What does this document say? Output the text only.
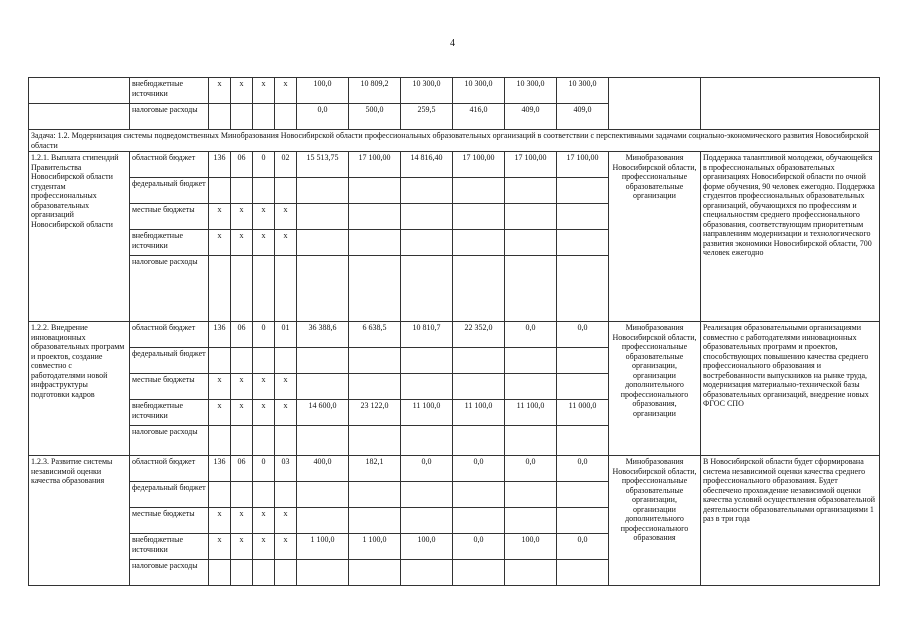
4
	внебюджетные источники	х	х	х	х	100,0	10 809,2	10 300,0	10 300,0	10 300,0	10 300,0		
	налоговые расходы					0,0	500,0	259,5	416,0	409,0	409,0		
Задача: 1.2. Модернизация системы подведомственных Минобразования Новосибирской области профессиональных образовательных организаций в соответствии с перспективными задачами социально-экономического развития Новосибирской области													
1.2.1. Выплата стипендий Правительства Новосибирской области студентам профессиональных образовательных организаций Новосибирской области	областной бюджет	136	06	0	02	15 513,75	17 100,00	14 816,40	17 100,00	17 100,00	17 100,00	Минобразования Новосибирской области, профессиональные образовательные организации	Поддержка талантливой молодежи, обучающейся в профессиональных образовательных организациях Новосибирской области по очной форме обучения, 90 человек ежегодно. Поддержка студентов профессиональных образовательных организаций, обучающихся по профессиям и специальностям среднего профессионального образования, соответствующим приоритетным направлениям модернизации и технологического развития экономики Новосибирской области, 700 человек ежегодно
	федеральный бюджет												
	местные бюджеты	х	х	х	х								
	внебюджетные источники	х	х	х	х								
	налоговые расходы												
1.2.2. Внедрение инновационных образовательных программ и проектов, создание совместно с работодателями новой инфраструктуры подготовки кадров	областной бюджет	136	06	0	01	36 388,6	6 638,5	10 810,7	22 352,0	0,0	0,0	Минобразования Новосибирской области, профессиональные образовательные организации, организации дополнительного профессионального образования, организации	Реализация образовательными организациями совместно с работодателями инновационных образовательных программ и проектов, способствующих повышению качества среднего профессионального образования и востребованности выпускников на рынке труда, модернизация материально-технической базы образовательных организаций, внедрение новых ФГОС СПО
	федеральный бюджет												
	местные бюджеты	х	х	х	х								
	внебюджетные источники	х	х	х	х	14 600,0	23 122,0	11 100,0	11 100,0	11 100,0	11 000,0		
	налоговые расходы												
1.2.3. Развитие системы независимой оценки качества образования	областной бюджет	136	06	0	03	400,0	182,1	0,0	0,0	0,0	0,0	Минобразования Новосибирской области, профессиональные образовательные организации, организации дополнительного профессионального образования	В Новосибирской области будет сформирована система независимой оценки качества среднего профессионального образования. Будет обеспечено прохождение независимой оценки качества условий осуществления образовательной деятельности образовательными организациями 1 раз в три года
	федеральный бюджет												
	местные бюджеты	х	х	х	х								
	внебюджетные источники	х	х	х	х	1 100,0	1 100,0	100,0	0,0	100,0	0,0		
	налоговые расходы												
